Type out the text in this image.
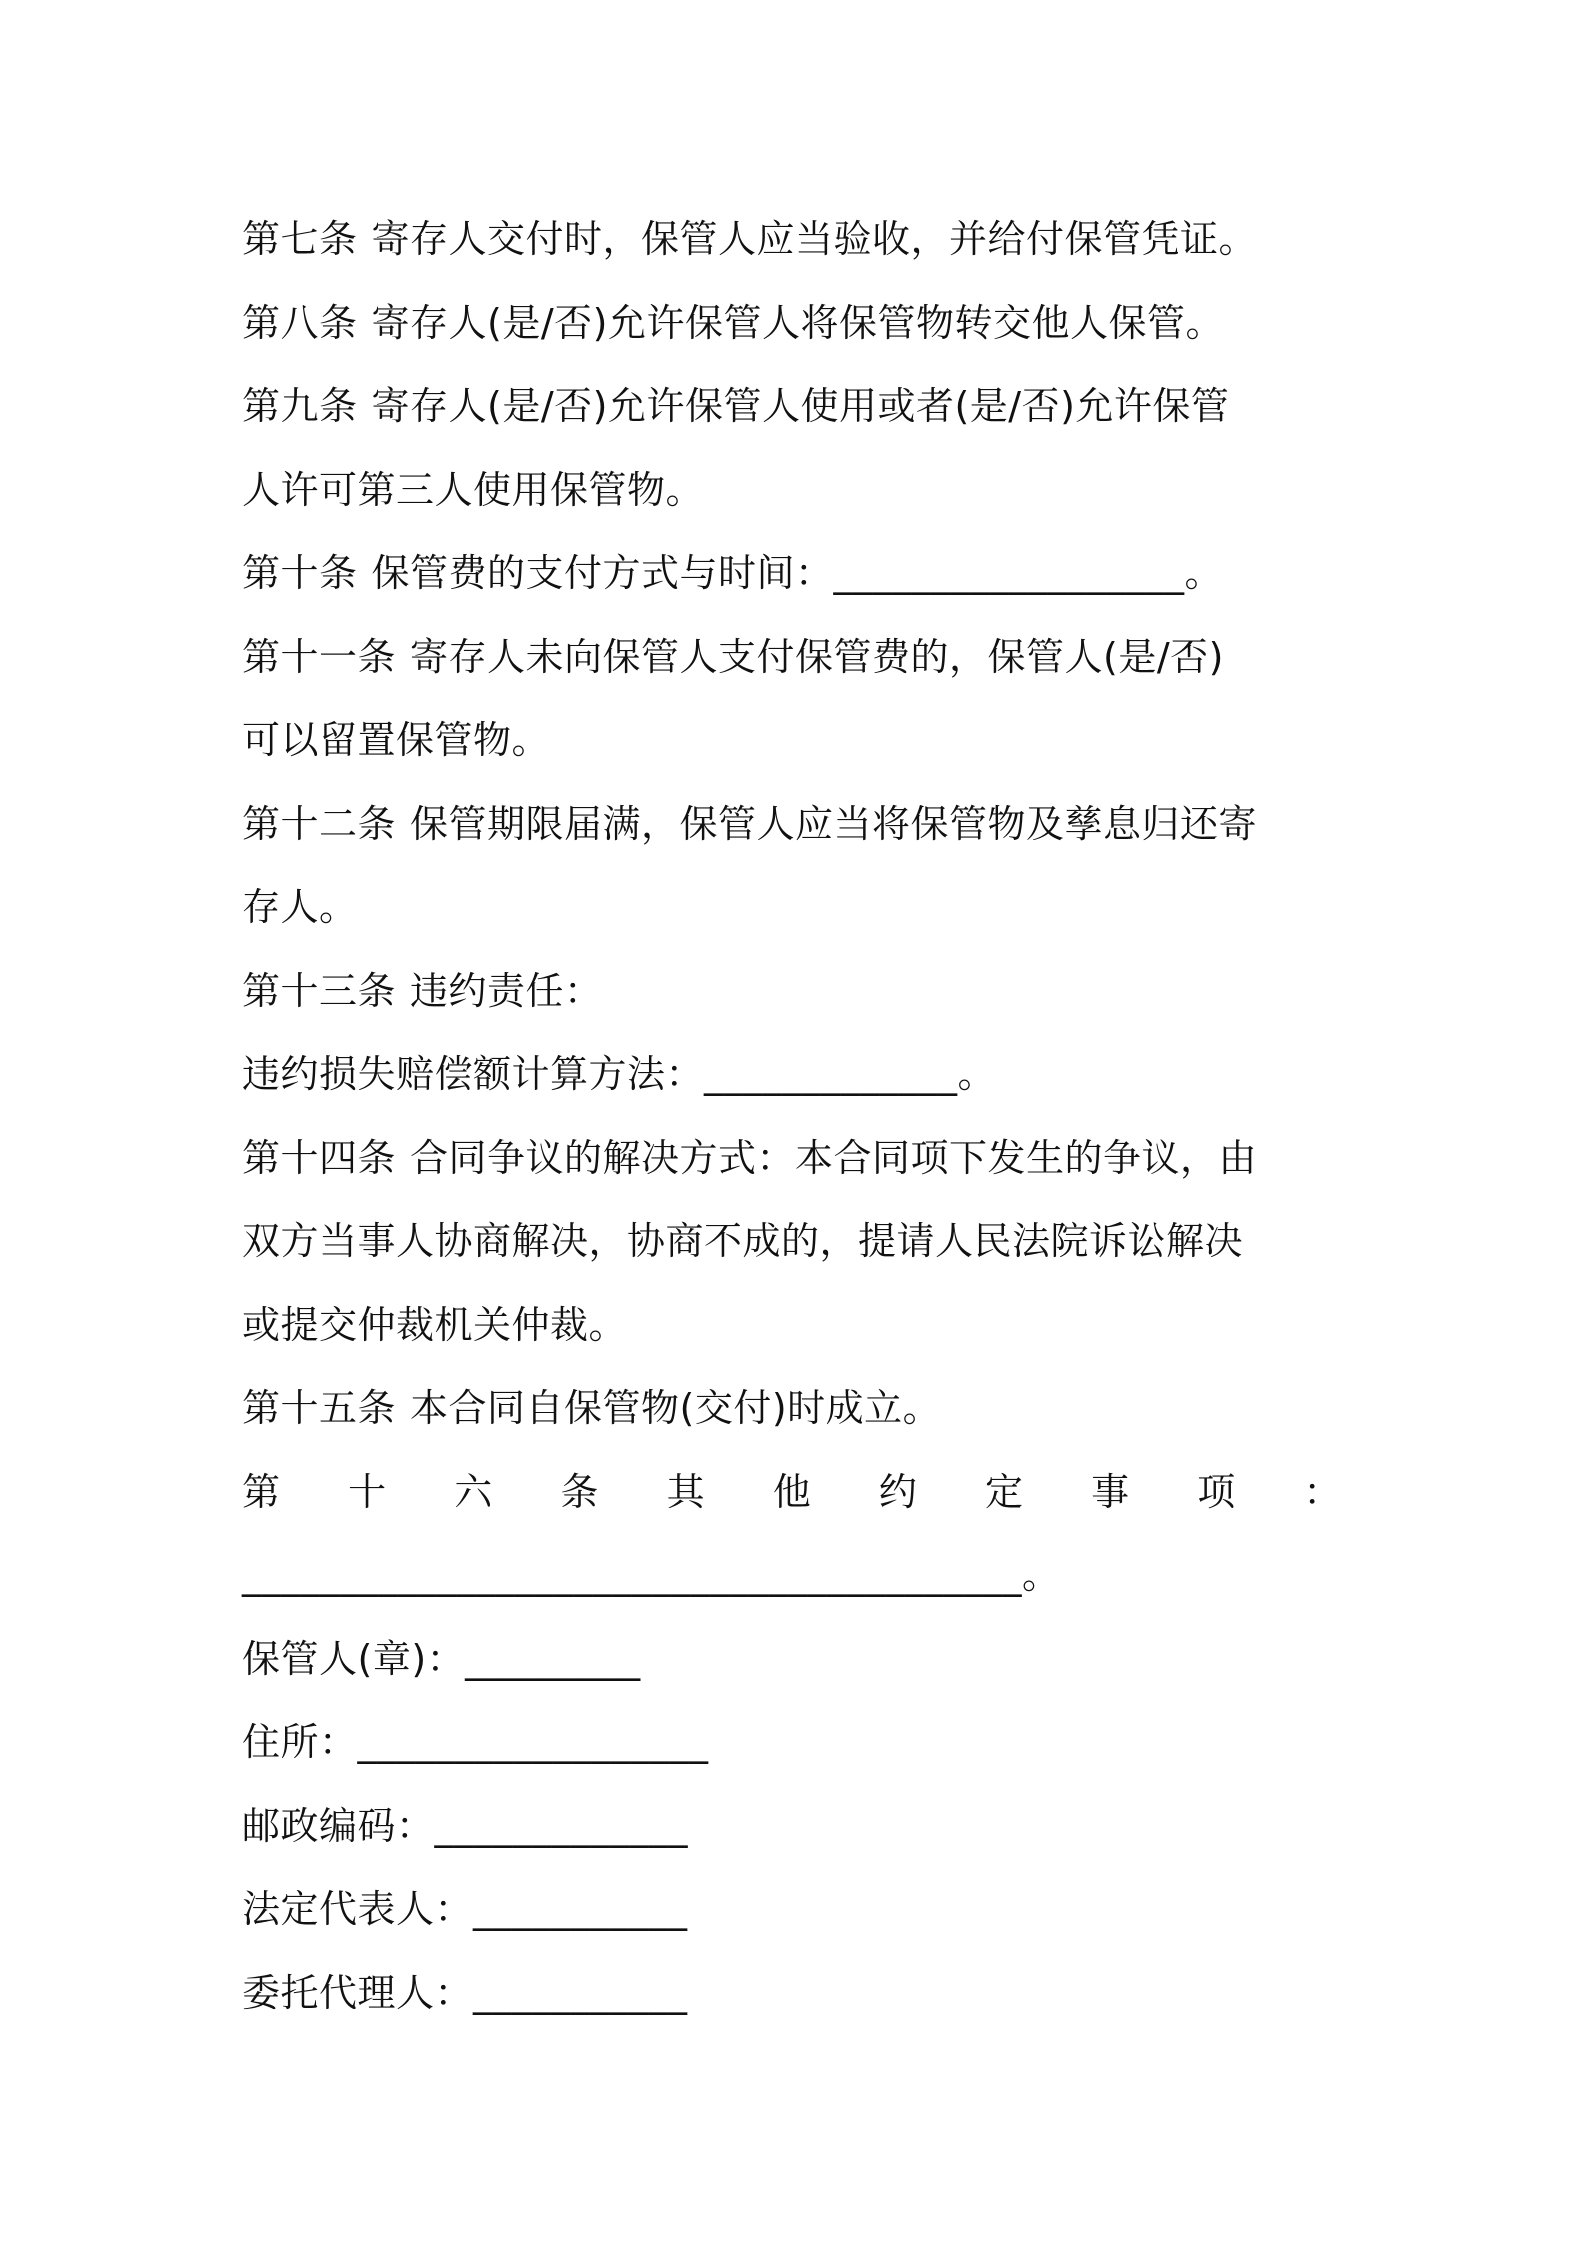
第七条 寄存人交付时，保管人应当验收，并给付保管凭证。
第八条 寄存人(是/否)允许保管人将保管物转交他人保管。
第九条 寄存人(是/否)允许保管人使用或者(是/否)允许保管
人许可第三人使用保管物。
第十条 保管费的支付方式与时间：__________________。
第十一条 寄存人未向保管人支付保管费的，保管人(是/否)
可以留置保管物。
第十二条 保管期限届满，保管人应当将保管物及孳息归还寄
存人。
第十三条 违约责任：
违约损失赔偿额计算方法：_____________。
第十四条 合同争议的解决方式：本合同项下发生的争议，由
双方当事人协商解决，协商不成的，提请人民法院诉讼解决
或提交仲裁机关仲裁。
第十五条 本合同自保管物(交付)时成立。
第 十 六 条 其 他 约 定 事 项 ：
________________________________________。
保管人(章)：_________
住所：__________________
邮政编码：_____________
法定代表人：___________
委托代理人：___________
